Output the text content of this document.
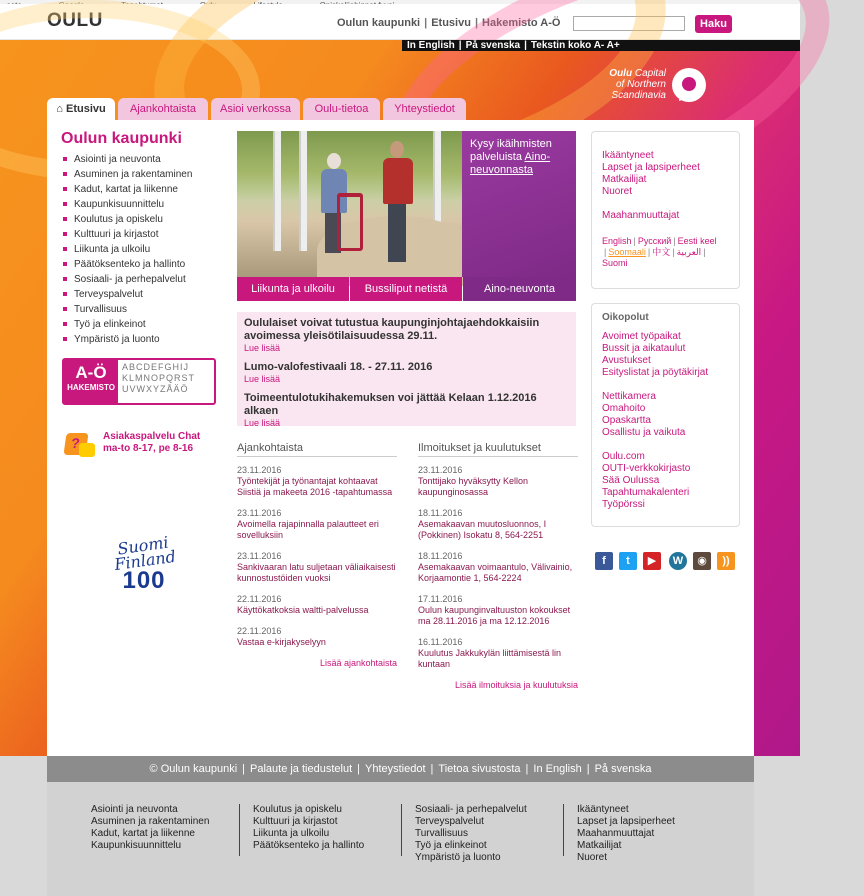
OULU	Oulun kaupunki | Etusivu | Hakemisto A-Ö	Haku
In English | På svenska | Tekstin koko A- A+
Oulu Capital
of Northern
Scandinavia
⌂ Etusivu	Ajankohtaista	Asioi verkossa	Oulu-tietoa	Yhteystiedot
Oulun kaupunki
Asiointi ja neuvonta
Asuminen ja rakentaminen
Kadut, kartat ja liikenne
Kaupunkisuunnittelu
Koulutus ja opiskelu
Kulttuuri ja kirjastot
Liikunta ja ulkoilu
Päätöksenteko ja hallinto
Sosiaali- ja perhepalvelut
Terveyspalvelut
Turvallisuus
Työ ja elinkeinot
Ympäristö ja luonto
A-Ö
HAKEMISTO
ABCDEFGHIJ
KLMNOPQRST
UVWXYZÅÄÖ
?
Asiakaspalvelu Chat
ma-to 8-17, pe 8-16
Suomi Finland
100
Kysy ikäihmisten palveluista Aino-neuvonnasta
Liikunta ja ulkoilu	Bussiliput netistä	Aino-neuvonta
Oululaiset voivat tutustua kaupunginjohtajaehdokkaisiin avoimessa yleisötilaisuudessa 29.11.
Lue lisää
Lumo-valofestivaali 18. - 27.11. 2016
Lue lisää
Toimeentulotukihakemuksen voi jättää Kelaan 1.12.2016 alkaen
Lue lisää
Ajankohtaista
23.11.2016
Työntekijät ja työnantajat kohtaavat Siistiä ja makeeta 2016 -tapahtumassa
23.11.2016
Avoimella rajapinnalla palautteet eri sovelluksiin
23.11.2016
Sankivaaran latu suljetaan väliaikaisesti kunnostustöiden vuoksi
22.11.2016
Käyttökatkoksia waltti-palvelussa
22.11.2016
Vastaa e-kirjakyselyyn
Lisää ajankohtaista
Ilmoitukset ja kuulutukset
23.11.2016
Tonttijako hyväksytty Kellon kaupunginosassa
18.11.2016
Asemakaavan muutosluonnos, I (Pokkinen) Isokatu 8, 564-2251
18.11.2016
Asemakaavan voimaantulo, Välivainio, Korjaamontie 1, 564-2224
17.11.2016
Oulun kaupunginvaltuuston kokoukset ma 28.11.2016 ja ma 12.12.2016
16.11.2016
Kuulutus Jakkukylän liittämisestä lin kuntaan
Lisää ilmoituksia ja kuulutuksia
Ikääntyneet
Lapset ja lapsiperheet
Matkailijat
Nuoret
Maahanmuuttajat
English | Русский | Eesti keel | Soomaali | 中文 | العربية | Suomi
Oikopolut
Avoimet työpaikat
Bussit ja aikataulut
Avustukset
Esityslistat ja pöytäkirjat
Nettikamera
Omahoito
Opaskartta
Osallistu ja vaikuta
Oulu.com
OUTI-verkkokirjasto
Sää Oulussa
Tapahtumakalenteri
Työpörssi
f	t	▶	W	◉	))
© Oulun kaupunki | Palaute ja tiedustelut | Yhteystiedot | Tietoa sivustosta | In English | På svenska
Asiointi ja neuvonta
Asuminen ja rakentaminen
Kadut, kartat ja liikenne
Kaupunkisuunnittelu
Koulutus ja opiskelu
Kulttuuri ja kirjastot
Liikunta ja ulkoilu
Päätöksenteko ja hallinto
Sosiaali- ja perhepalvelut
Terveyspalvelut
Turvallisuus
Työ ja elinkeinot
Ympäristö ja luonto
Ikääntyneet
Lapset ja lapsiperheet
Maahanmuuttajat
Matkailijat
Nuoret
